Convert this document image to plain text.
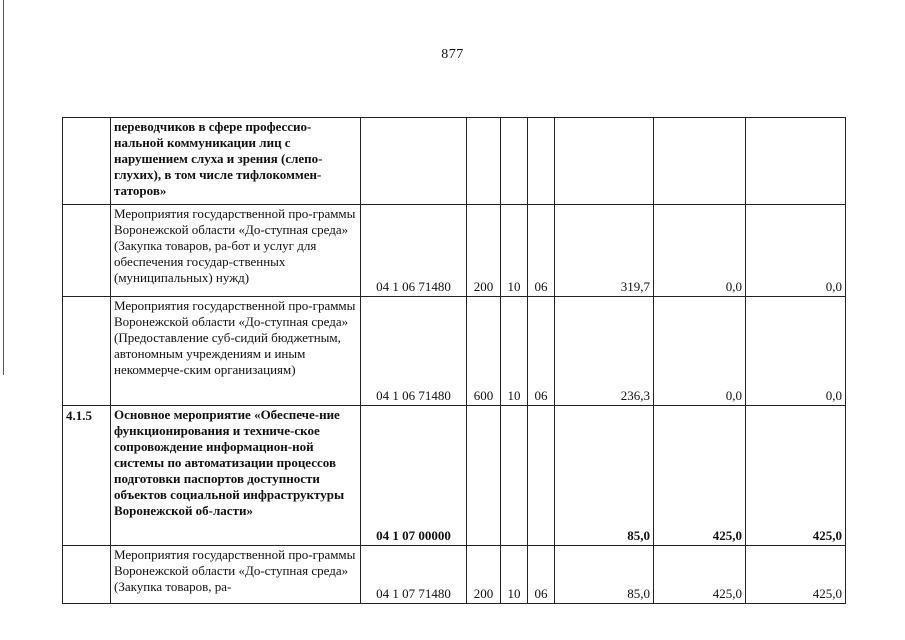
877
	переводчиков в сфере профессио-нальной коммуникации лиц с нарушением слуха и зрения (слепо-глухих), в том числе тифлокоммен-таторов»							
	Мероприятия государственной про-граммы Воронежской области «До-ступная среда» (Закупка товаров, ра-бот и услуг для обеспечения государ-ственных (муниципальных) нужд)	04 1 06 71480	200	10	06	319,7	0,0	0,0
	Мероприятия государственной про-граммы Воронежской области «До-ступная среда» (Предоставление суб-сидий бюджетным, автономным учреждениям и иным некоммерче-ским организациям)	04 1 06 71480	600	10	06	236,3	0,0	0,0
4.1.5	Основное мероприятие «Обеспече-ние функционирования и техниче-ское сопровождение информацион-ной системы по автоматизации процессов подготовки паспортов доступности объектов социальной инфраструктуры Воронежской об-ласти»	04 1 07 00000				85,0	425,0	425,0
	Мероприятия государственной про-граммы Воронежской области «До-ступная среда» (Закупка товаров, ра-	04 1 07 71480	200	10	06	85,0	425,0	425,0
